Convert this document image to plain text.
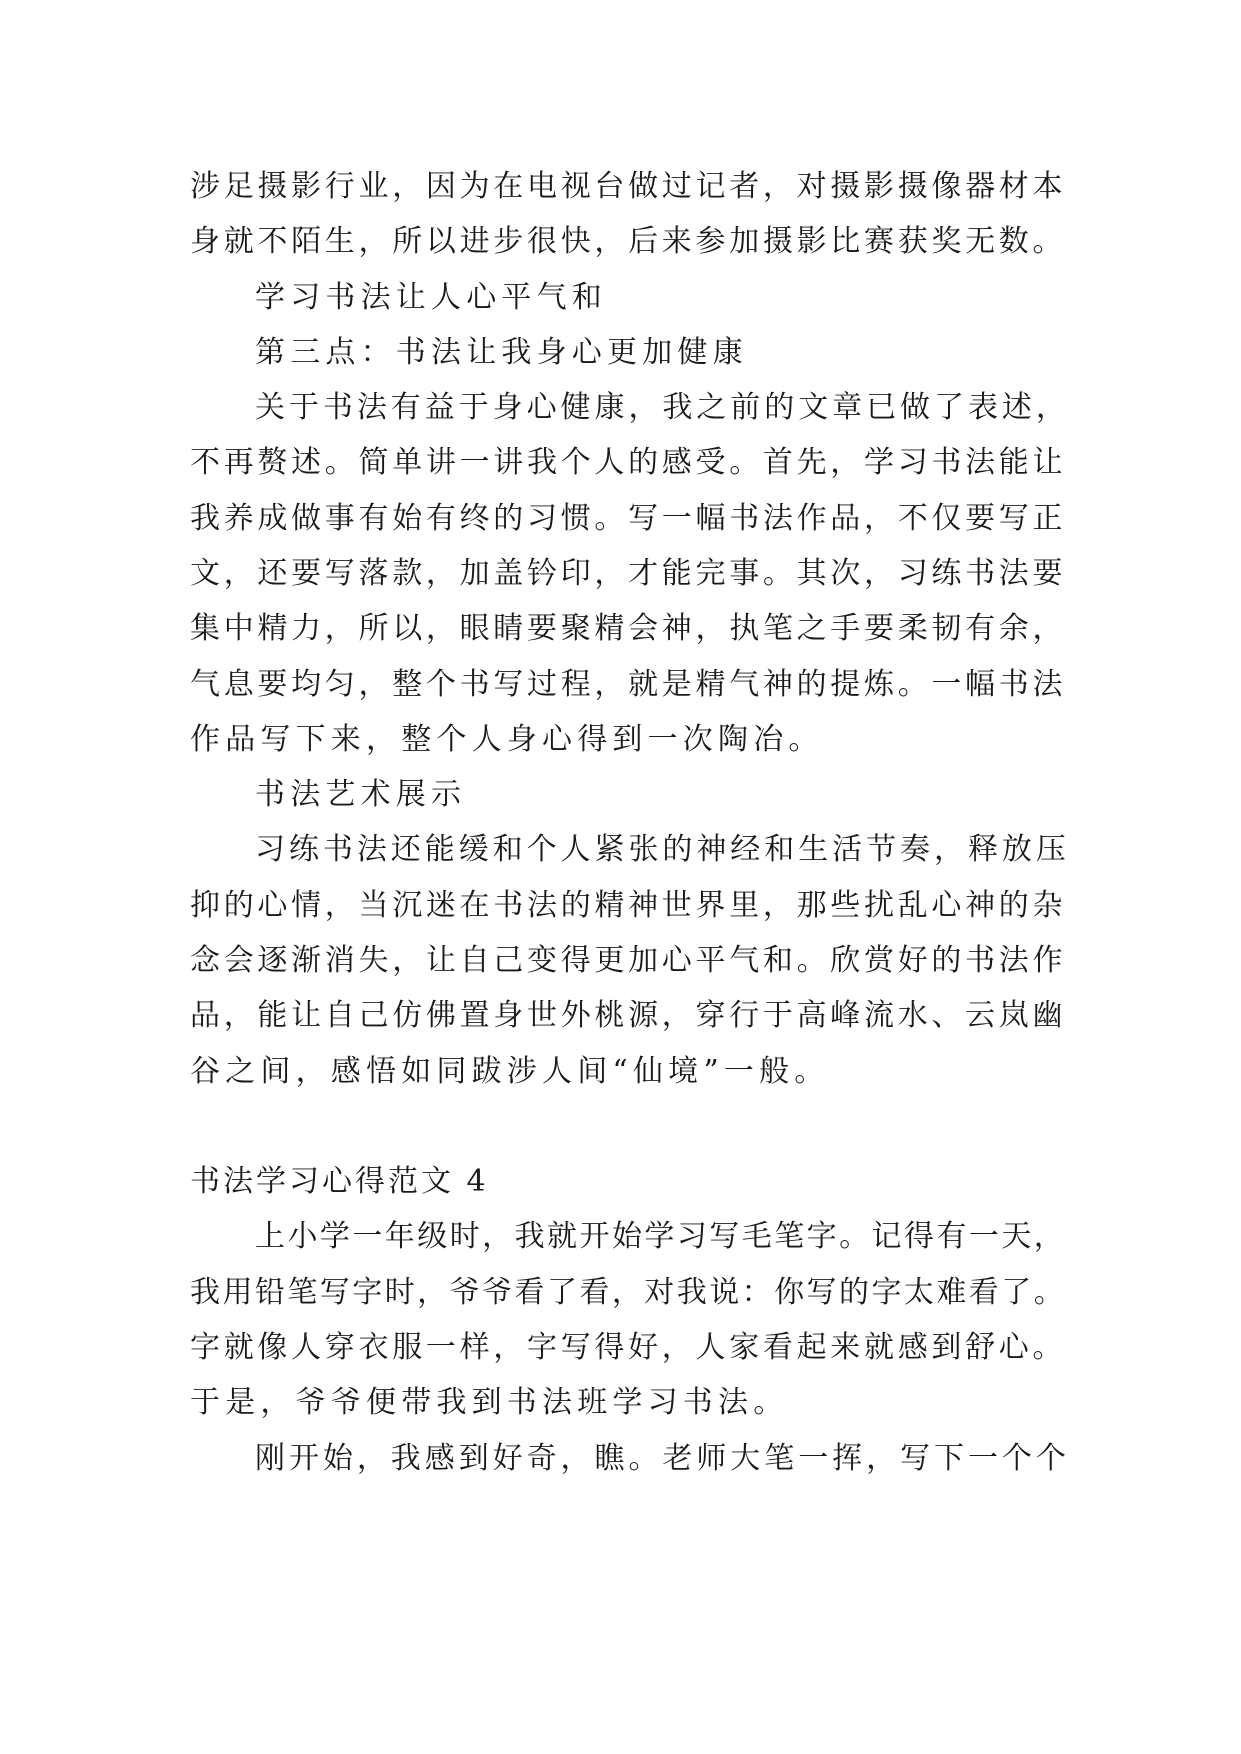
涉足摄影行业，因为在电视台做过记者，对摄影摄像器材本
身就不陌生，所以进步很快，后来参加摄影比赛获奖无数。
学习书法让人心平气和
第三点：书法让我身心更加健康
关于书法有益于身心健康，我之前的文章已做了表述，
不再赘述。简单讲一讲我个人的感受。首先，学习书法能让
我养成做事有始有终的习惯。写一幅书法作品，不仅要写正
文，还要写落款，加盖钤印，才能完事。其次，习练书法要
集中精力，所以，眼睛要聚精会神，执笔之手要柔韧有余，
气息要均匀，整个书写过程，就是精气神的提炼。一幅书法
作品写下来，整个人身心得到一次陶冶。
书法艺术展示
习练书法还能缓和个人紧张的神经和生活节奏，释放压
抑的心情，当沉迷在书法的精神世界里，那些扰乱心神的杂
念会逐渐消失，让自己变得更加心平气和。欣赏好的书法作
品，能让自己仿佛置身世外桃源，穿行于高峰流水、云岚幽
谷之间，感悟如同跋涉人间“仙境”一般。
书法学习心得范文 4
上小学一年级时，我就开始学习写毛笔字。记得有一天，
我用铅笔写字时，爷爷看了看，对我说：你写的字太难看了。
字就像人穿衣服一样，字写得好，人家看起来就感到舒心。
于是，爷爷便带我到书法班学习书法。
刚开始，我感到好奇，瞧。老师大笔一挥，写下一个个
